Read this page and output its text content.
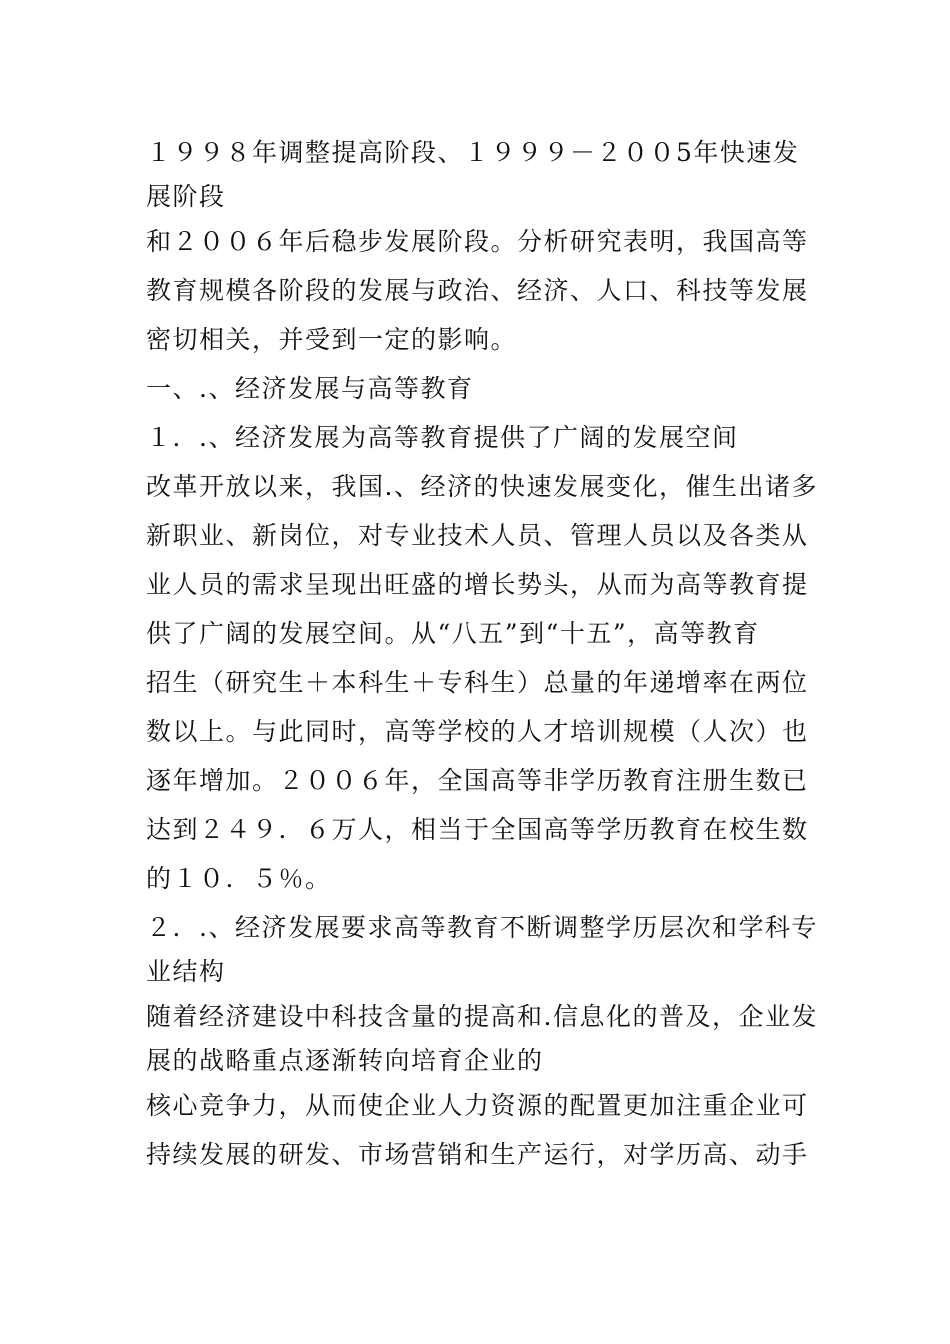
１９９８年调整提高阶段、１９９９－２００5年快速发
展阶段
和２００６年后稳步发展阶段。分析研究表明，我国高等
教育规模各阶段的发展与政治、经济、人口、科技等发展
密切相关，并受到一定的影响。
一、.、经济发展与高等教育
１．.、经济发展为高等教育提供了广阔的发展空间
改革开放以来，我国.、经济的快速发展变化，催生出诸多
新职业、新岗位，对专业技术人员、管理人员以及各类从
业人员的需求呈现出旺盛的增长势头，从而为高等教育提
供了广阔的发展空间。从“八五”到“十五”，高等教育
招生（研究生＋本科生＋专科生）总量的年递增率在两位
数以上。与此同时，高等学校的人才培训规模（人次）也
逐年增加。２００６年，全国高等非学历教育注册生数已
达到２４９．６万人，相当于全国高等学历教育在校生数
的１０．５％。
２．.、经济发展要求高等教育不断调整学历层次和学科专
业结构
随着经济建设中科技含量的提高和.信息化的普及，企业发
展的战略重点逐渐转向培育企业的
核心竞争力，从而使企业人力资源的配置更加注重企业可
持续发展的研发、市场营销和生产运行，对学历高、动手
